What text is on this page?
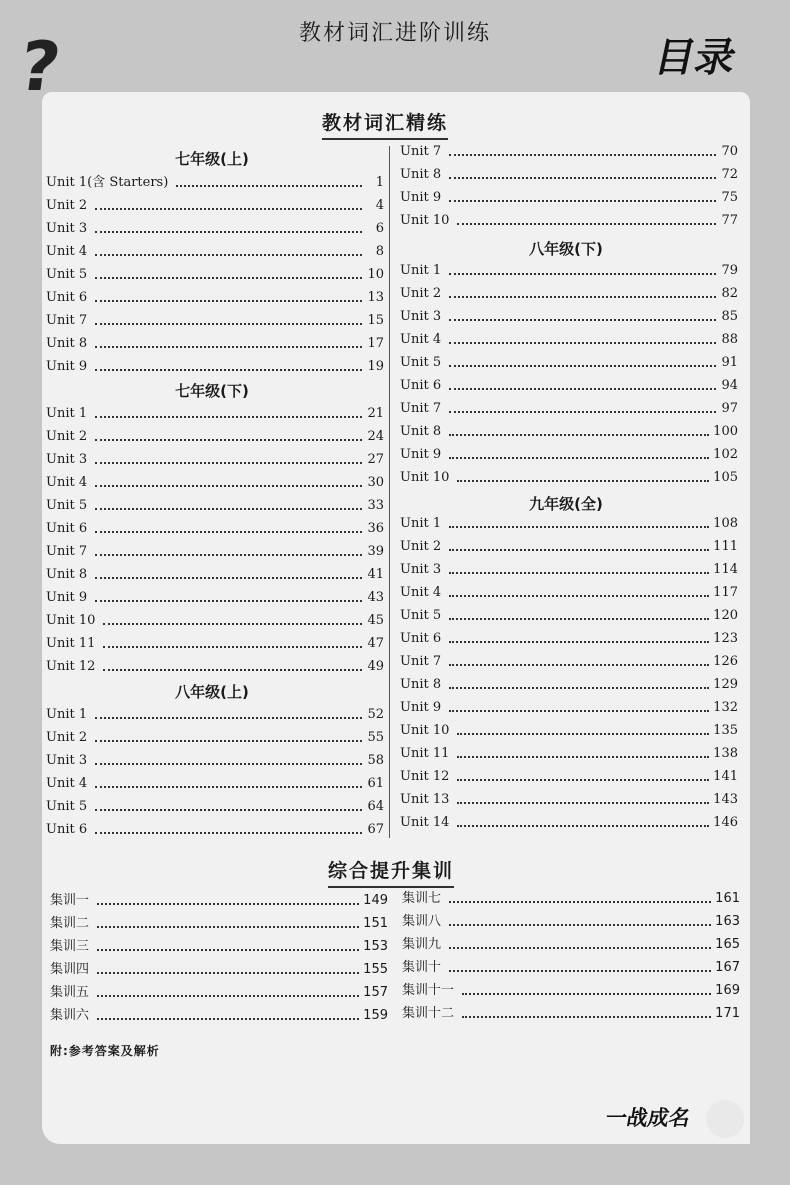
?	教材词汇进阶训练
目录
教材词汇精练
七年级(上)
Unit 1(含 Starters)	1
Unit 2	4
Unit 3	6
Unit 4	8
Unit 5	10
Unit 6	13
Unit 7	15
Unit 8	17
Unit 9	19
七年级(下)
Unit 1	21
Unit 2	24
Unit 3	27
Unit 4	30
Unit 5	33
Unit 6	36
Unit 7	39
Unit 8	41
Unit 9	43
Unit 10	45
Unit 11	47
Unit 12	49
八年级(上)
Unit 1	52
Unit 2	55
Unit 3	58
Unit 4	61
Unit 5	64
Unit 6	67
Unit 7	70
Unit 8	72
Unit 9	75
Unit 10	77
八年级(下)
Unit 1	79
Unit 2	82
Unit 3	85
Unit 4	88
Unit 5	91
Unit 6	94
Unit 7	97
Unit 8	100
Unit 9	102
Unit 10	105
九年级(全)
Unit 1	108
Unit 2	111
Unit 3	114
Unit 4	117
Unit 5	120
Unit 6	123
Unit 7	126
Unit 8	129
Unit 9	132
Unit 10	135
Unit 11	138
Unit 12	141
Unit 13	143
Unit 14	146
综合提升集训
集训一	149
集训二	151
集训三	153
集训四	155
集训五	157
集训六	159
集训七	161
集训八	163
集训九	165
集训十	167
集训十一	169
集训十二	171
附:参考答案及解析
一战成名
